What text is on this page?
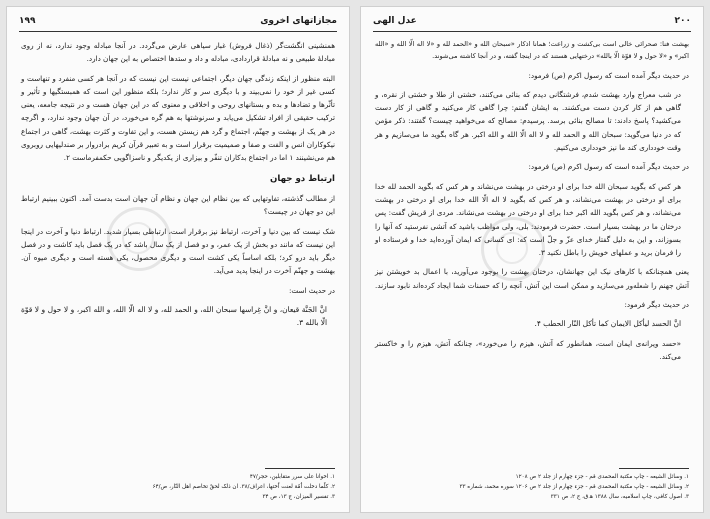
۱۹۹	مجازاتهای اخروی

همنشینی انگشت‌گر (ذغال فروش) غبار سیاهی عارض می‌گردد. در آنجا مبادله وجود ندارد، نه از روی مبادلهٔ طبیعی و نه مبادلهٔ قراردادی، مبادله و داد و ستدها اختصاص به این جهان دارد.

البته منظور از اینکه زندگی جهان دیگر، اجتماعی نیست این نیست که در آنجا هر کسی منفرد و تنهاست و کسی غیر از خود را نمی‌بیند و با دیگری سر و کار ندارد؛ بلکه منظور این است که همبستگیها و تأثیر و تأثّرها و تضادها و بده و بستانهای روحی و اخلاقی و معنوی که در این جهان هست و در نتیجه جامعه، یعنی ترکیب حقیقی از افراد تشکیل می‌یابد و سرنوشتها به هم گره می‌خورد، در آن جهان وجود ندارد، و اگرچه در هر یک از بهشت و جهنّم، اجتماع و گرد هم زیستن هست، و این تفاوت و کثرت بهشت، گاهی در اجتماع نیکوکاران انس و الفت و صفا و صمیمیت برقرار است و به تعبیر قرآن کریم برادروار بر صندلیهایی روبروی هم می‌نشینند ۱ اما در اجتماع بدکاران تنفّر و بیزاری از یکدیگر و ناسزاگویی حکمفرماست ۲.

ارتباط دو جهان

از مطالب گذشته، تفاوتهایی که بین نظام این جهان و نظام آن جهان است بدست آمد. اکنون ببینیم ارتباط این دو جهان در چیست؟

شک نیست که بین دنیا و آخرت، ارتباط نیز برقرار است، ارتباطی بسیار شدید. ارتباط دنیا و آخرت در اینجا این نیست که مانند دو بخش از یک عمر، و دو فصل از یک سال باشد که در یک فصل باید کاشت و در فصل دیگر باید درو کرد؛ بلکه اساساً یکی کشت است و دیگری محصول، یکی هسته است و دیگری میوه آن. بهشت و جهنّم آخرت در اینجا پدید می‌آید.

در حدیث است:

انَّ الجَنَّة قیعان، و انَّ غِراسها سبحان الله، و الحمد لله، و لا اله الّا الله، و الله اکبر، و لا حول و لا قوّة الّا بالله ۳.

۱. اخوانا علی سرر متقابلین، حجر/۴۷
۲. کلّما دخلت اُمّة لعنت اُختها، اعراف/۳۸. ان ذلک لحقٌ تخاصم اهل النّار، ص/۶۴
۳. تفسیر المیزان، ج ۱۳، ص ۳۴
۲۰۰
عدل الهی

بهشت فنا: صحرائی خالی است بی‌کشت و زراعت؛ همانا اذکار «سبحان الله و «الحمد لله و «لا اله الّا الله و «الله اکبر» و «لا حول و لا قوّة الّا بالله» درختهایی هستند که در اینجا گفته، و در آنجا کاشته می‌شوند.

در حدیث دیگر آمده است که رسول اکرم (ص) فرمود:

در شب معراج وارد بهشت شدم، فرشتگانی دیدم که بنائی می‌کنند، خشتی از طلا و خشتی از نقره، و گاهی هم از کار کردن دست می‌کشند. به ایشان گفتم: چرا گاهی کار می‌کنید و گاهی از کار دست می‌کشید؟ پاسخ دادند: تا مصالح بنائی برسد. پرسیدم: مصالح که می‌خواهید چیست؟ گفتند: ذکر مؤمن که در دنیا می‌گوید: سبحان الله و الحمد لله و لا اله الّا الله و الله اکبر. هر گاه بگوید ما می‌سازیم و هر وقت خودداری کند ما نیز خودداری می‌کنیم.

در حدیث دیگر آمده است که رسول اکرم (ص) فرمود:

هر کس که بگوید سبحان الله خدا برای او درختی در بهشت می‌نشاند و هر کس که بگوید الحمد لله خدا برای او درختی در بهشت می‌نشاند، و هر کس که بگوید لا اله الّا الله خدا برای او درختی در بهشت می‌نشاند، و هر کس بگوید الله اکبر خدا برای او درختی در بهشت می‌نشاند. مردی از قریش گفت: پس درختان ما در بهشت بسیار است. حضرت فرمودند: بلی، ولی مواظب باشید که آتشی نفرستید که آنها را بسوزاند، و این به دلیل گفتار خدای عزّ و جلّ است که: ای کسانی که ایمان آورده‌اید خدا و فرستاده او را فرمان برید و عملهای خویش را باطل نکنید ۳.

یعنی همچنانکه با کارهای نیک این جهانشان، درختان بهشت را بوجود می‌آورید، با اعمال بد خویشتن نیز آتش جهنم را شعله‌ور می‌سازید و ممکن است این آتش، آنچه را که حسنات شما ایجاد کرده‌اند نابود سازند.

در حدیث دیگر فرمود:

انَّ الحسد لیأکل الایمان کما تأکل النّار الحطب ۴.

«حسد ویرانه‌ی ایمان است، همانطور که آتش، هیزم را می‌خورد»، چنانکه آتش، هیزم را و خاکستر می‌کند.

۱. وسائل الشیعه - چاپ مکتبة المحمدی قم - جزء چهارم از جلد ۲ ص ۱۲۰۸
۲. وسائل الشیعه - چاپ مکتبة المحمدی قم - جزء چهارم از جلد ۲ ص ۱۲۰۶ سوره محمد، شماره ۳۳
۳. اصول کافی، چاپ اسلامیه، سال ۱۳۸۸ ه‍.ق، ج ۲، ص ۳۳۱
